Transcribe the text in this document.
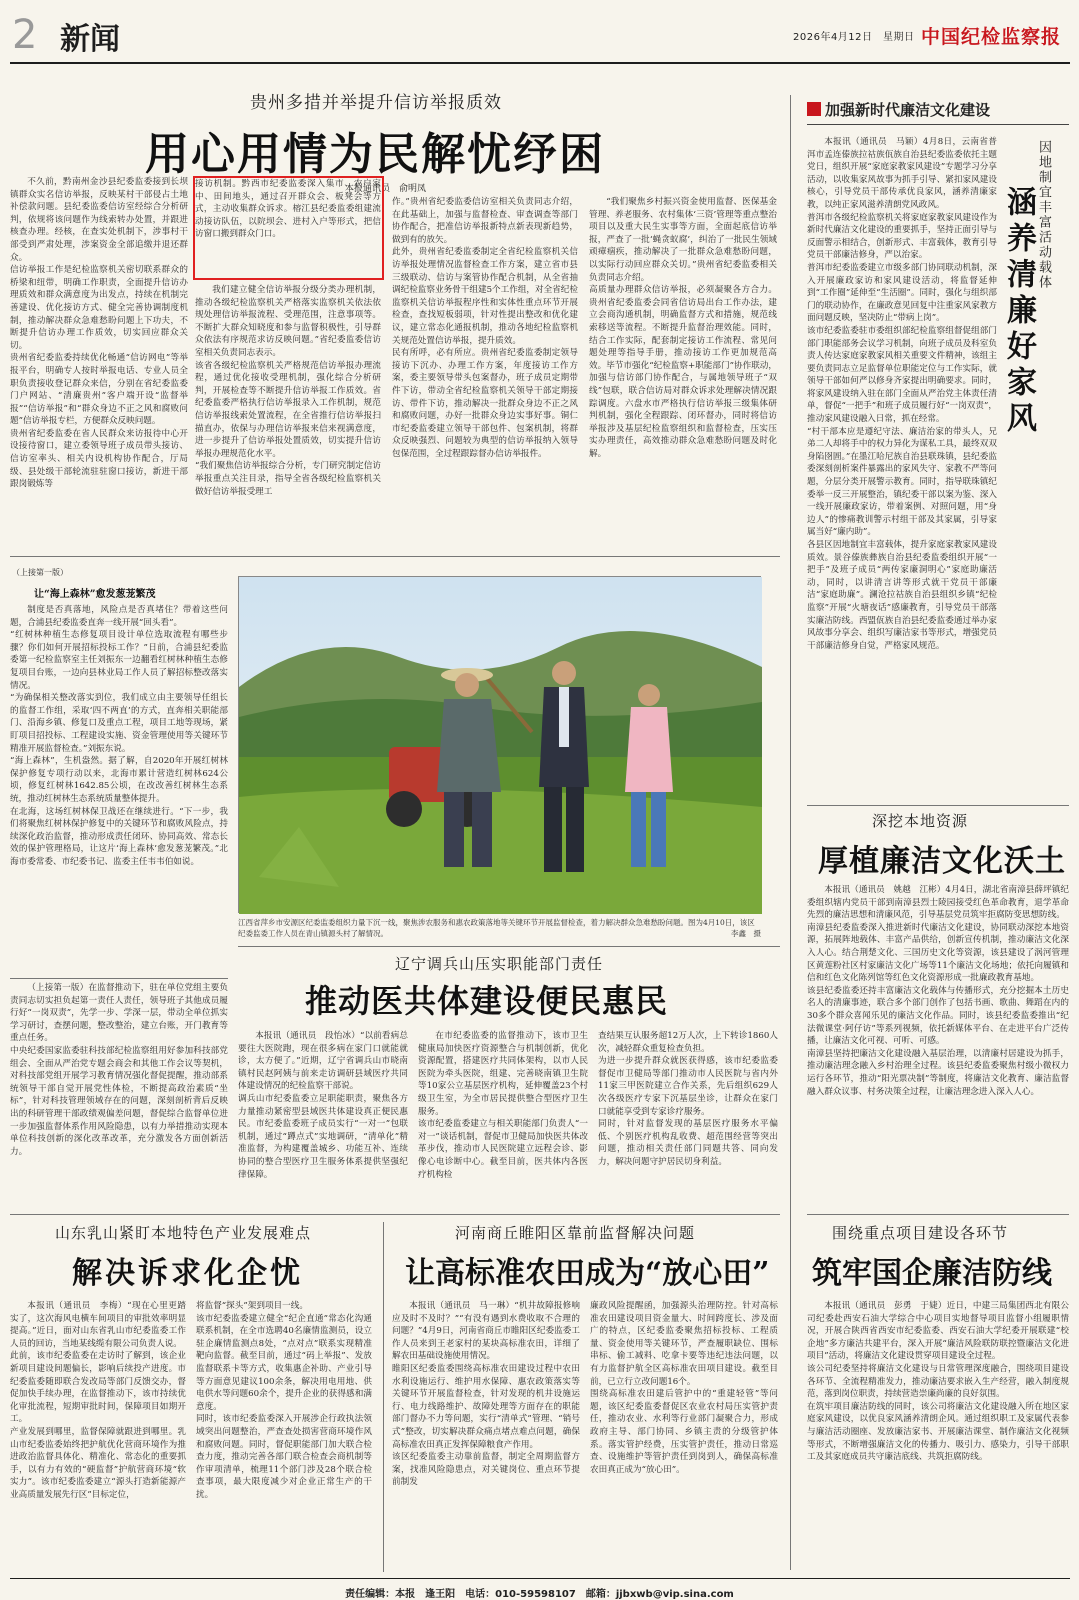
2 新闻	2026年4月12日　星期日 中国纪检监察报
贵州多措并举提升信访举报质效
用心用情为民解忧纾困
本报通讯员　俞明凤
不久前，黔南州金沙县纪委监委接到长坝镇群众实名信访举报，反映某村干部侵占土地补偿款问题。县纪委监委信访室经综合分析研判，依规将该问题作为线索转办处置，并跟进核查办理。经核，在查实处机制下，涉事村干部受到严肃处理，涉案资金全部追缴并退还群众。
信访举报工作是纪检监察机关密切联系群众的桥梁和纽带，明确工作职责，全面提升信访办理质效和群众满意度为出发点，持续在机制完善建设、优化接访方式、健全完善协调制度机制，推动解决群众急难愁盼问题上下功夫，不断提升信访办理工作质效，切实回应群众关切。
贵州省纪委监委持续优化畅通“信访网电”等举报平台，明确专人按时举报电话、专业人员全职负责接收登记群众来信，分别在省纪委监委门户网站、“清廉贵州”客户端开设“监督举报”“信访举报”和“群众身边不正之风和腐败问题”信访举报专栏，方便群众反映问题。
贵州省纪委监委在省人民群众来访报待中心开设接待窗口，建立委领导班子成员带头接访、信访室率头、相关内设机构协作配合，厅局级、县处级干部轮流驻驻窗口接访，新进干部跟岗锻炼等
接访机制。黔西市纪委监委深入集市、农户家中、田间地头，通过召开群众会、板凳会等方式，主动收集群众诉求。榕江县纪委监委组建流动接访队伍，以院坝会、进村入户等形式，把信访窗口搬到群众门口。
我们建立健全信访举报分级分类办理机制，推动各级纪检监察机关严格落实监察机关依法依规处理信访举报流程、受理范围，注意事项等。不断扩大群众知晓度和参与监督积极性，引导群众依法有序规范求访反映问题。”省纪委监委信访室相关负责同志表示。
该省各级纪检监察机关严格规范信访举报办理流程，通过优化接收受理机制，强化综合分析研判，开展检查等不断提升信访举报工作质效。省纪委监委严格执行信访举报录入工作机制，规范信访举报线索处置流程，在全省推行信访举报扫描直办，依保与办理信访举报来信来视满意度，进一步提升了信访举报处置质效，切实提升信访举报办理规范化水平。
“我们聚焦信访举报综合分析，专门研究制定信访举报重点关注目录，指导全省各级纪检监察机关做好信访举报受理工
作。”贵州省纪委监委信访室相关负责同志介绍，在此基础上，加强与监督检查、审查调查等部门协作配合，把准信访举报新特点新表现新趋势，做到有的放矢。
此外，贵州省纪委监委制定全省纪检监察机关信访举报处理情况监督检查工作方案，建立省市县三级联动、信访与案管协作配合机制，从全省抽调纪检监察业务骨干组建5个工作组，对全省纪检监察机关信访举报程序性和实体性重点环节开展检查，查找短板弱项，针对性提出整改和优化建议，建立常态化通报机制，推动各地纪检监察机关规范处置信访举报，提升质效。
民有所呼，必有所应。贵州省纪委监委制定领导接访下沉办、办理工作方案，年度接访工作方案，委主要领导带头包案督办，班子成员定期带件下访，带动全省纪检监察机关领导干部定期接访、带件下访，推动解决一批群众身边不正之风和腐败问题，办好一批群众身边实事好事。铜仁市纪委监委建立领导干部包件、包案机制，将群众反映强烈、问题较为典型的信访举报纳入领导包保范围，全过程跟踪督办信访举报件。
“我们聚焦乡村振兴资金使用监督、医保基金管理、养老服务、农村集体‘三资’管理等重点整治项目以及重大民生实事等方面，全面起底信访举报，严查了一批‘蝇贪蚁腐’，纠治了一批民生领域顽瘴痼疾，推动解决了一批群众急难愁盼问题，以实际行动回应群众关切。”贵州省纪委监委相关负责同志介绍。
高质量办理群众信访举报，必须凝聚各方合力。贵州省纪委监委会同省信访局出台工作办法，建立会商沟通机制，明确监督方式和措施，规范线索移送等流程。不断提升监督治理效能。同时，结合工作实际，配套制定接访工作流程、常见问题处理等指导手册，推动接访工作更加规范高效。毕节市强化“纪检监察+职能部门”协作联动，加强与信访部门协作配合，与属地领导班子“双线”包联，联合信访局对群众诉求处理解决情况跟踪调度。六盘水市严格执行信访举报三级集体研判机制，强化全程跟踪、闭环督办，同时将信访举报涉及基层纪检监察组织和监督检查，压实压实办理责任，高效推动群众急难愁盼问题及时化解。
加强新时代廉洁文化建设
本报讯（通讯员　马颖）4月8日，云南省普洱市孟连傣族拉祜族佤族自治县纪委监委依托主题党日，组织开展“家庭家教家风建设”专题学习分享活动，以收集家风故事为抓手引导、紧扣家风建设核心，引导党员干部传承优良家风，涵养清廉家教，以纯正家风滋养清朗党风政风。
普洱市各级纪检监察机关将家庭家教家风建设作为新时代廉洁文化建设的重要抓手，坚持正面引导与反面警示相结合，创新形式、丰富载体，教育引导党员干部廉洁修身，严以治家。
普洱市纪委监委建立市级多部门协同联动机制，深入开展廉政家访和家风建设活动，将监督延伸到“工作圈”延伸至“生活圈”。同时，强化与组织部门的联动协作，在廉政意见回复中注重家风家教方面问题反映，坚决防止“带病上岗”。
该市纪委监委驻市委组织部纪检监察组督促组部门部门职能部务会议学习机制，向班子成员及科室负责人传达家庭家教家风相关重要文件精神，该组主要负责同志立足监督单位职能定位与工作实际，就领导干部如何严以修身齐家提出明确要求。同时，将家风建设纳入驻在部门全面从严治党主体责任清单，督促“一把手”和班子成员履行好“一岗双责”，推动家风建设融入日常，抓在经常。
“村干部本应是遵纪守法、廉洁治家的带头人，兄弟二人却将手中的权力异化为谋私工具，最终双双身陷囹圄。”在墨江哈尼族自治县联珠镇，县纪委监委深刻剖析案件暴露出的家风失守、家教不严等问题，分层分类开展警示教育。同时，指导联珠镇纪委举一反三开展整治，镇纪委干部以案为鉴、深入一线开展廉政家访，带着案例、对照问题，用“身边人”的惨痛教训警示村组干部及其家属，引导家属当好“廉内助”。
各县区因地制宜丰富载体，提升家庭家教家风建设质效。景谷傣族彝族自治县纪委监委组织开展“一把手”及班子成员“两传家廉洞明心”家庭助廉活动，同时，以讲清言讲等形式就干党员干部廉洁“家庭助廉”。澜沧拉祜族自治县组织乡镇“纪检监察”开展“火塘夜话”感廉教育，引导党员干部落实廉洁防线。西盟佤族自治县纪委监委通过举办家风故事分享会、组织写廉洁家书等形式，增强党员干部廉洁修身自觉，严格家风规范。
因地制宜丰富活动载体
涵养清廉好家风
（上接第一版）
让“海上森林”愈发葱茏繁茂
制度是否真落地，风险点是否真堵住？带着这些问题，合浦县纪委监委直奔一线开展“回头看”。
“红树林种植生态修复项目设计单位选取流程有哪些步骤？你们如何开展招标投标工作？”日前，合浦县纪委监委第一纪检监察室主任刘振东一边翻看红树林种植生态修复项目台账，一边向县林业局工作人员了解招标整改落实情况。
“为确保相关整改落实到位，我们成立由主要领导任组长的监督工作组，采取‘四不两直’的方式，直奔相关职能部门、沿海乡镇、修复口及重点工程，项目工地等现场，紧盯项目招投标、工程建设实施、资金管理使用等关键环节精准开展监督检查。”刘振东说。
“海上森林”，生机盎然。据了解，自2020年开展红树林保护修复专项行动以来，北海市累计营造红树林624公顷，修复红树林1642.85公顷，在改改善红树林生态系统，推动红树林生态系统质量整体提升。
在北海，这场红树林保卫战还在继续进行。“下一步，我们将聚焦红树林保护修复中的关键环节和腐败风险点，持续深化政治监督，推动形成责任闭环、协同高效、常态长效的保护管理格局，让这片‘海上森林’愈发葱茏繁茂。”北海市委常委、市纪委书记、监委主任韦韦伯如说。
江西省萍乡市安源区纪委监委组织力量下沉一线，聚焦涉农服务和惠农政策落地等关键环节开展监督检查，着力解决群众急难愁盼问题。图为4月10日，该区纪委监委工作人员在青山镇源头村了解情况。	李鑫　摄
（上接第一版）在监督推动下，驻在单位党组主要负责同志切实担负起第一责任人责任，领导班子其他成员履行好“一岗双责”，先学一步、学深一层，带动全单位抓实学习研讨，查摆问题，整改整治，建立台账，开门教育等重点任务。
中央纪委国家监委驻科技部纪检监察组用好参加科技部党组会、全面从严治党专题会商会和其他工作会议等契机，对科技部党组开展学习教育情况强化督促提醒，推动部系统领导干部自觉开展党性体检，不断提高政治素质“坐标”，针对科技管理领域存在的问题，深刻剖析背后反映出的科研管理干部政绩观偏差问题，督促综合监督单位进一步加强监督体系作用风险隐患，以有力举措推动实现本单位科技创新的深化改革改革，充分激发各方面创新活力。
辽宁调兵山压实职能部门责任
推动医共体建设便民惠民
本报讯（通讯员　段怡冰）“以前看病总要往大医院跑，现在很多病在家门口就能就诊，太方便了。”近期，辽宁省调兵山市晓南镇村民赵阿姨与前来走访调研县域医疗共同体建设情况的纪检监察干部说。
调兵山市纪委监委立足职能职责，聚焦各方力量推动紧密型县域医共体建设真正便民惠民。市纪委监委班子成员实行“一对一”包联机制，通过“蹲点式”实地调研，“清单化”精准监督，为构建覆盖城乡、功能互补、连续协同的整合型医疗卫生服务体系提供坚强纪律保障。
在市纪委监委的监督推动下，该市卫生健康局加快医疗资源整合与机制创新，优化资源配置，搭建医疗共同体架构，以市人民医院为牵头医院，组建、完善晓南镇卫生院等10家公立基层医疗机构，延伸覆盖23个村级卫生室，为全市居民提供整合型医疗卫生服务。
该市纪委监委建立与相关职能部门负责人“一对一”谈话机制，督促市卫健局加快医共体改革步伐，推动市人民医院建立远程会诊、影像心电诊断中心。截至目前，医共体内各医疗机构检
查结果互认服务超12万人次，上下转诊1860人次，减轻群众重复检查负担。
为进一步提升群众就医获得感，该市纪委监委督促市卫健局等部门推动市人民医院与省内外11家三甲医院建立合作关系，先后组织629人次各级医疗专家下沉基层坐诊，让群众在家门口就能享受到专家诊疗服务。
同时，针对监督发现的基层医疗服务水平偏低、个别医疗机构乱收费、超范围经营等突出问题，推动相关责任部门同题共答、同向发力，解决问题守护居民切身利益。
深挖本地资源
厚植廉洁文化沃土
本报讯（通讯员　姚越　江彬）4月4日，湖北省南漳县薛坪镇纪委组织辖内党员干部到南漳县烈士陵园接受红色革命教育，退学革命先烈的廉洁思想和清廉风范，引导基层党员筑牢拒腐防变思想防线。
南漳县纪委监委深入推进新时代廉洁文化建设，协同联动深挖本地资源，拓展阵地载体、丰富产品供给，创新宣传机制，推动廉洁文化深入人心。结合荆楚文化、三国历史文化等资源，该县建设了涡河管理区黄莲粉社区村家廉洁文化广场等11个廉洁文化场地；依托向履镇和信和红色文化陈列馆等红色文化资源形成一批廉政教育基地。
该县纪委监委还持丰富廉洁文化载体与传播形式，充分挖掘本土历史名人的清廉事迹，联合多个部门创作了包括书画、歌曲、舞蹈在内的30多个群众喜闻乐见的廉洁文化作品。同时，该县纪委监委推出“纪法微课堂·阿仔访”等系列视频，依托新媒体平台、在走进平台广泛传播，让廉洁文化可视、可听、可感。
南漳县坚持把廉洁文化建设融入基层治理，以清廉村居建设为抓手，推动廉洁理念融入乡村治理全过程。该县纪委监委聚焦村级小微权力运行各环节，推动“阳光票决制”等制度，将廉洁文化教育、廉洁监督融入群众议事、村务决策全过程，让廉洁理念进入深入人心。
山东乳山紧盯本地特色产业发展难点
解决诉求化企忧
本报讯（通讯员　李梅）“现在心里更踏实了，这次海风电横车间项目的审批效率明显提高。”近日，面对山东省乳山市纪委监委工作人员的回访，当地某线缆有限公司负责人说。
此前，该市纪委监委在走访时了解到，该企业新项目建设间题偏长，影响后续投产进度。市纪委监委随即联合发改局等部门反馈交办，督促加快手续办理，在监督推动下，该市持续优化审批流程，短期审批时间，保障项目如期开工。
产业发展到哪里，监督保障就跟进到哪里。乳山市纪委监委始终把护航优化营商环境作为推进政治监督具体化、精准化、常态化的重要抓手，以有力有效的“硬监督”护航营商环境“软实力”。该市纪委监委建立“源头打造新能源产业高质量发展先行区”目标定位，
将监督“探头”架到项目一线。
该市纪委监委建立健全“纪企直通”常态化沟通联系机制，在全市选聘40名廉情监测员，设立驻企廉情监测点8处，“点对点”联系实现精准靶向监督。截至目前，通过“码上举报”、发放监督联系卡等方式，收集惠企补助、产业引导等方面意见建议100余条，解决用电用地、供电供水等问题60余个，提升企业的获得感和满意度。
同时，该市纪委监委深入开展涉企行政执法领域突出问题整治，严查查处损害营商环境作风和腐败问题。同时，督促职能部门加大联合检查力度，推动完善各部门联合检查会商机制等作审项清单，梳理11个部门涉及28个联合检查事项，最大限度减少对企业正常生产的干扰。
河南商丘睢阳区靠前监督解决问题
让高标准农田成为“放心田”
本报讯（通讯员　马一琳）“机井故障报修响应及时不及时？”“有没有遇到水费收取不合理的问题？”4月9日，河南省商丘市睢阳区纪委监委工作人员来到王老家村的某块高标准农田，详细了解农田基础设施使用情况。
睢阳区纪委监委围绕高标准农田建设过程中农田水利设施运行、维护用水保障、惠农政策落实等关键环节开展监督检查，针对发现的机井设施运行、电力线路维护、故障处理等方面存在的职能部门督办不力等问题，实行“清单式”管理、“销号式”整改，切实解决群众痛点堵点难点问题，确保高标准农田真正发挥保障粮食产作用。
该区纪委监委主动靠前监督，制定全周期监督方案，找准风险隐患点，对关键岗位、重点环节提前制发
廉政风险提醒函，加强源头治理防控。针对高标准农田建设项目资金量大、时间跨度长、涉及面广的特点，区纪委监委聚焦招标投标、工程质量、资金使用等关键环节，严查履职缺位、围标串标、偷工减料、吃拿卡要等违纪违法问题，以有力监督护航全区高标准农田项目建设。截至目前，已立行立改问题16个。
围绕高标准农田建后管护中的“重建轻管”等问题，该区纪委监委督促区农业农村局压实管护责任，推动农业、水利等行业部门凝聚合力，形成政府主导、部门协同、乡镇主责的分级管护体系。落实管护经费，压实管护责任，推动日常巡查、设施维护等管护责任到岗到人，确保高标准农田真正成为“放心田”。
围绕重点项目建设各环节
筑牢国企廉洁防线
本报讯（通讯员　彭勇　于婕）近日，中建三局集团西北有限公司纪委赴西安石油大学综合中心项目实地督导项目监督小组履职情况，开展合陕西省西安市纪委监委、西安石油大学纪委开展联建“校企地”多方廉洁共建平台，深入开展“廉洁风险联防联控暨廉洁文化进项目”活动，将廉洁文化建设贯穿项目建设全过程。
该公司纪委坚持将廉洁文化建设与日常管理深度融合，围绕项目建设各环节、全流程精准发力，推动廉洁要求嵌入生产经营，融入制度规范，落到岗位职责，持续营造崇廉尚廉的良好氛围。
在筑牢项目廉洁防线的同时，该公司将廉洁文化建设融入所在地区家庭家风建设，以优良家风涵养清朗企风。通过组织职工及家属代表参与廉洁活动圈座、发放廉洁家书、开展廉洁课堂、制作廉洁文化视频等形式，不断增强廉洁文化的传播力、吸引力、感染力，引导干部职工及其家庭成员共守廉洁底线、共筑拒腐防线。
责任编辑：本报　逢王阳　电话：010-59598107　邮箱：jjbxwb@vip.sina.com
